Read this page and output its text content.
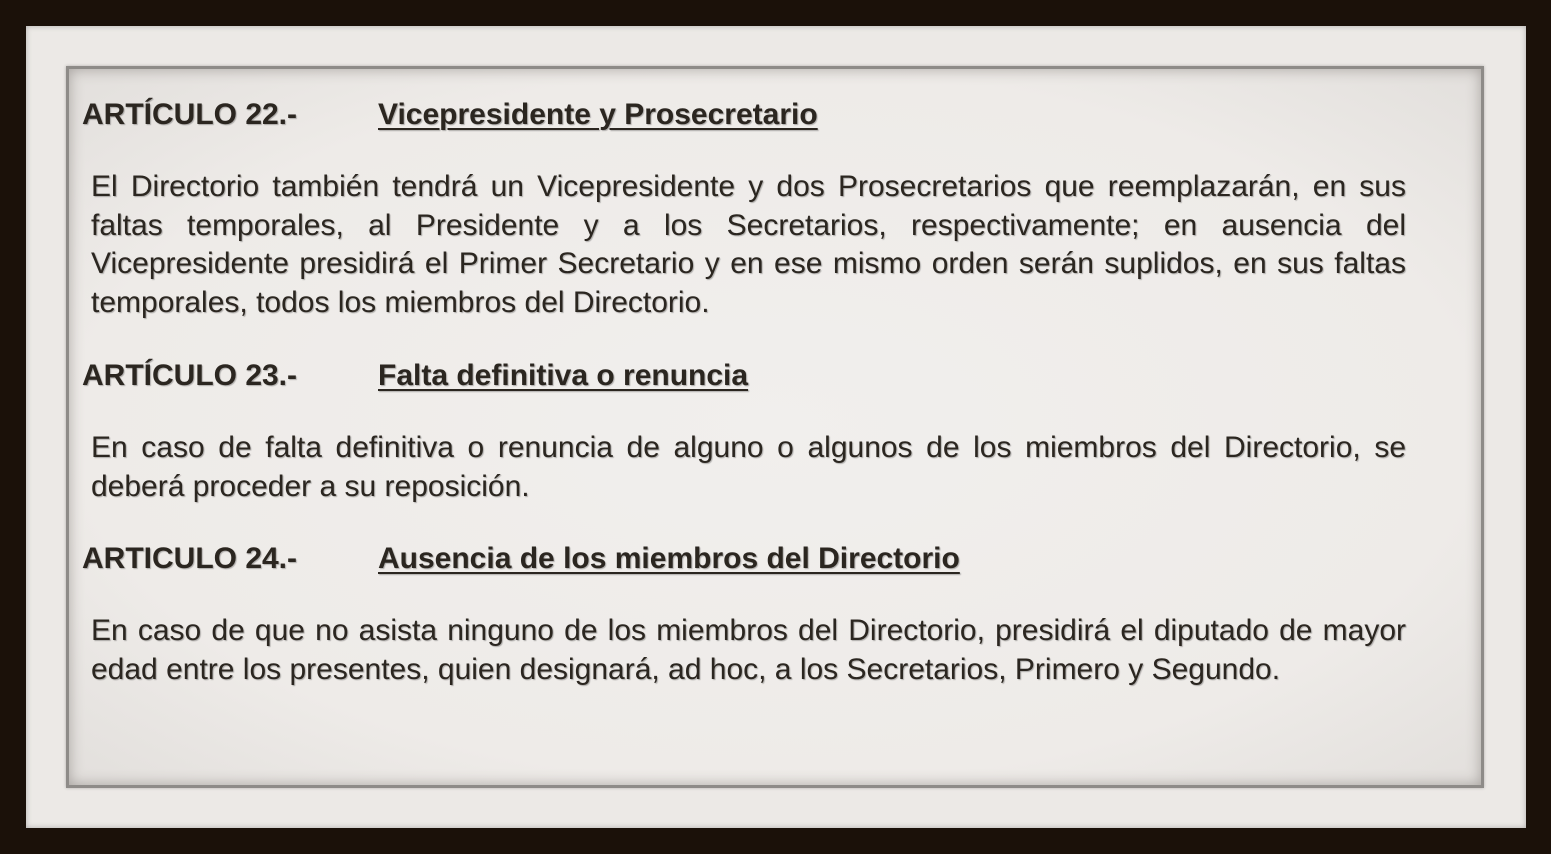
ARTÍCULO 22.-	Vicepresidente y Prosecretario

El Directorio también tendrá un Vicepresidente y dos Prosecretarios que reemplazarán, en sus faltas temporales, al Presidente y a los Secretarios, respectivamente; en ausencia del Vicepresidente presidirá el Primer Secretario y en ese mismo orden serán suplidos, en sus faltas temporales, todos los miembros del Directorio.

ARTÍCULO 23.-	Falta definitiva o renuncia

En caso de falta definitiva o renuncia de alguno o algunos de los miembros del Directorio, se deberá proceder a su reposición.

ARTICULO 24.-	Ausencia de los miembros del Directorio

En caso de que no asista ninguno de los miembros del Directorio, presidirá el diputado de mayor edad entre los presentes, quien designará, ad hoc, a los Secretarios, Primero y Segundo.
